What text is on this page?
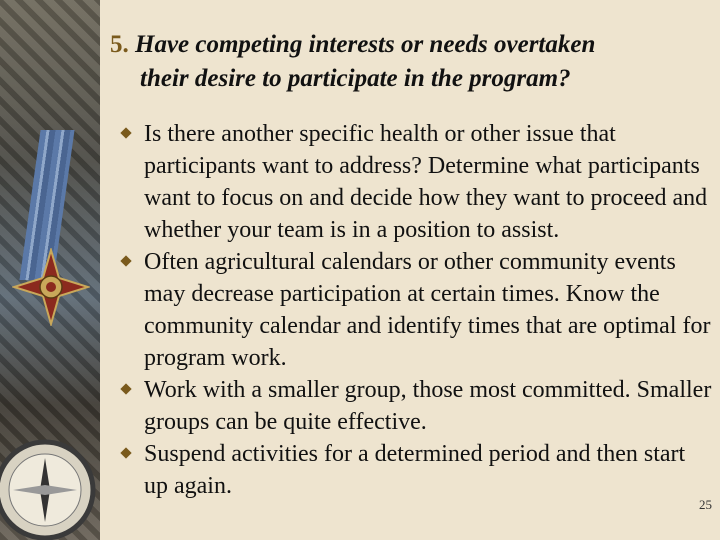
5. Have competing interests or needs overtaken
their desire to participate in the program?
Is there another specific health or other issue that participants want to address? Determine what participants want to focus on and decide how they want to proceed and whether your team is in a position to assist.
Often agricultural calendars or other community events may decrease participation at certain times. Know the community calendar and identify times that are optimal for program work.
Work with a smaller group, those most committed. Smaller groups can be quite effective.
Suspend activities for a determined period and then start up again.
25
